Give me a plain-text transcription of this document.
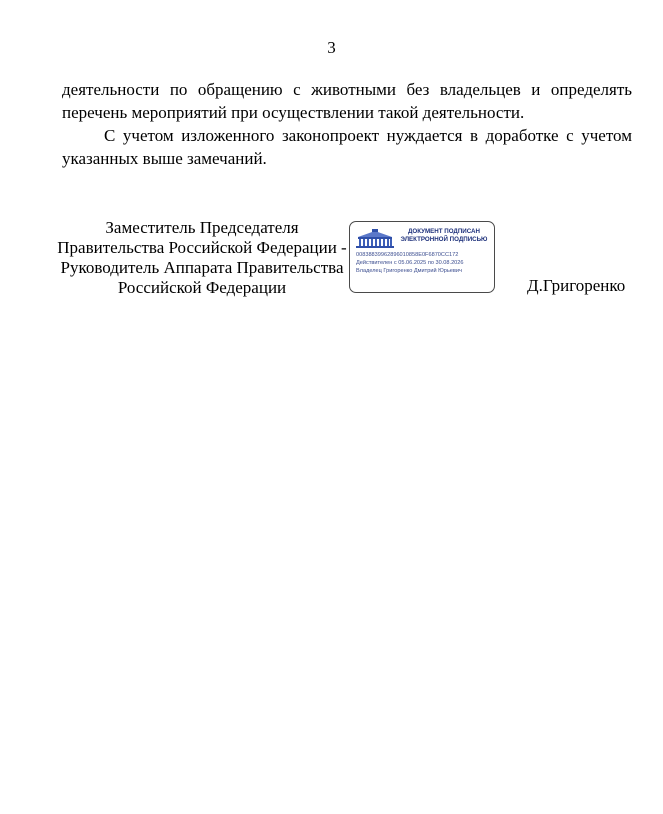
3

деятельности по обращению с животными без владельцев и определять перечень мероприятий при осуществлении такой деятельности.

С учетом изложенного законопроект нуждается в доработке с учетом указанных выше замечаний.

Заместитель Председателя
Правительства Российской Федерации -
Руководитель Аппарата Правительства
Российской Федерации
ДОКУМЕНТ ПОДПИСАН
ЭЛЕКТРОННОЙ ПОДПИСЬЮ
00838839962896010858E0F6870CC172
Действителен с 05.06.2025 по 30.08.2026
Владелец Григоренко Дмитрий Юрьевич
Д.Григоренко
